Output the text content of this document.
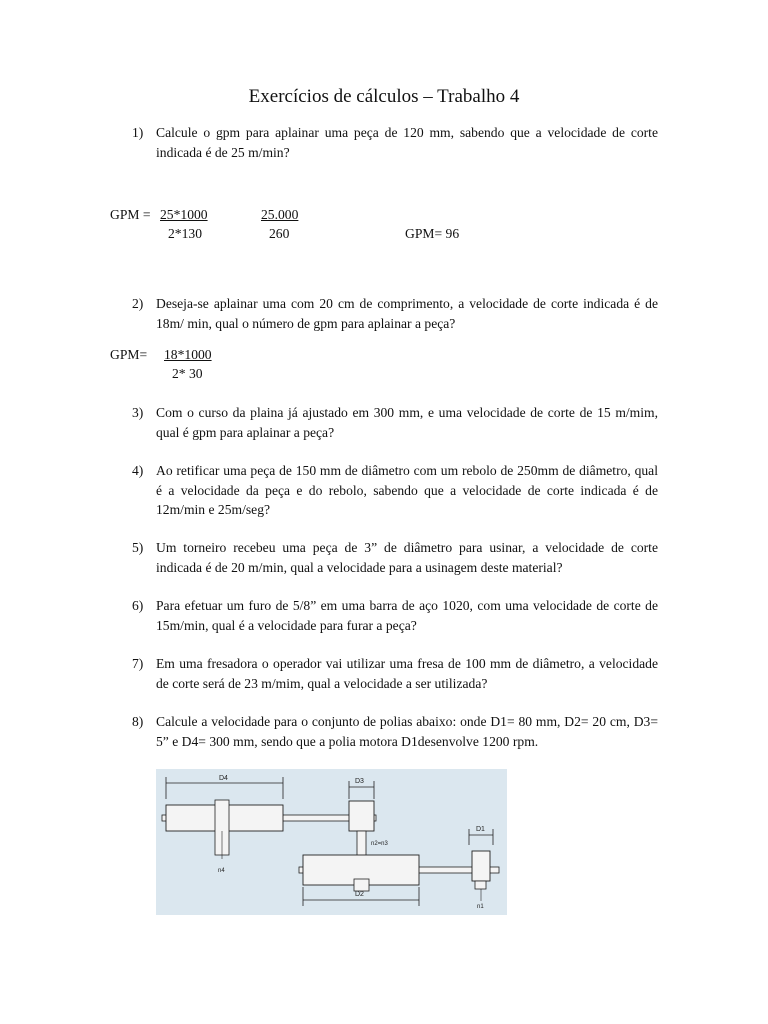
Exercícios de cálculos – Trabalho 4
1) Calcule o gpm para aplainar uma peça de 120 mm, sabendo que a velocidade de corte indicada é de 25 m/min?
GPM = 25*1000	25.000
2*130	260	GPM= 96
2) Deseja-se aplainar uma com 20 cm de comprimento, a velocidade de corte indicada é de 18m/ min, qual o número de gpm para aplainar a peça?
GPM= 18*1000
2* 30
3) Com o curso da plaina já ajustado em 300 mm, e uma velocidade de corte de 15 m/mim, qual é gpm para aplainar a peça?
4) Ao retificar uma peça de 150 mm de diâmetro com um rebolo de 250mm de diâmetro, qual é a velocidade da peça e do rebolo, sabendo que a velocidade de corte indicada é de 12m/min e 25m/seg?
5) Um torneiro recebeu uma peça de 3” de diâmetro para usinar, a velocidade de corte indicada é de 20 m/min, qual a velocidade para a usinagem deste material?
6) Para efetuar um furo de 5/8” em uma barra de aço 1020, com uma velocidade de corte de 15m/min, qual é a velocidade para furar a peça?
7) Em uma fresadora o operador vai utilizar uma fresa de 100 mm de diâmetro, a velocidade de corte será de 23 m/mim, qual a velocidade a ser utilizada?
8) Calcule a velocidade para o conjunto de polias abaixo: onde D1= 80 mm, D2= 20 cm, D3= 5” e D4= 300 mm, sendo que a polia motora D1desenvolve 1200 rpm.
D4	D3
D1
D2
n4
n2=n3
n1
